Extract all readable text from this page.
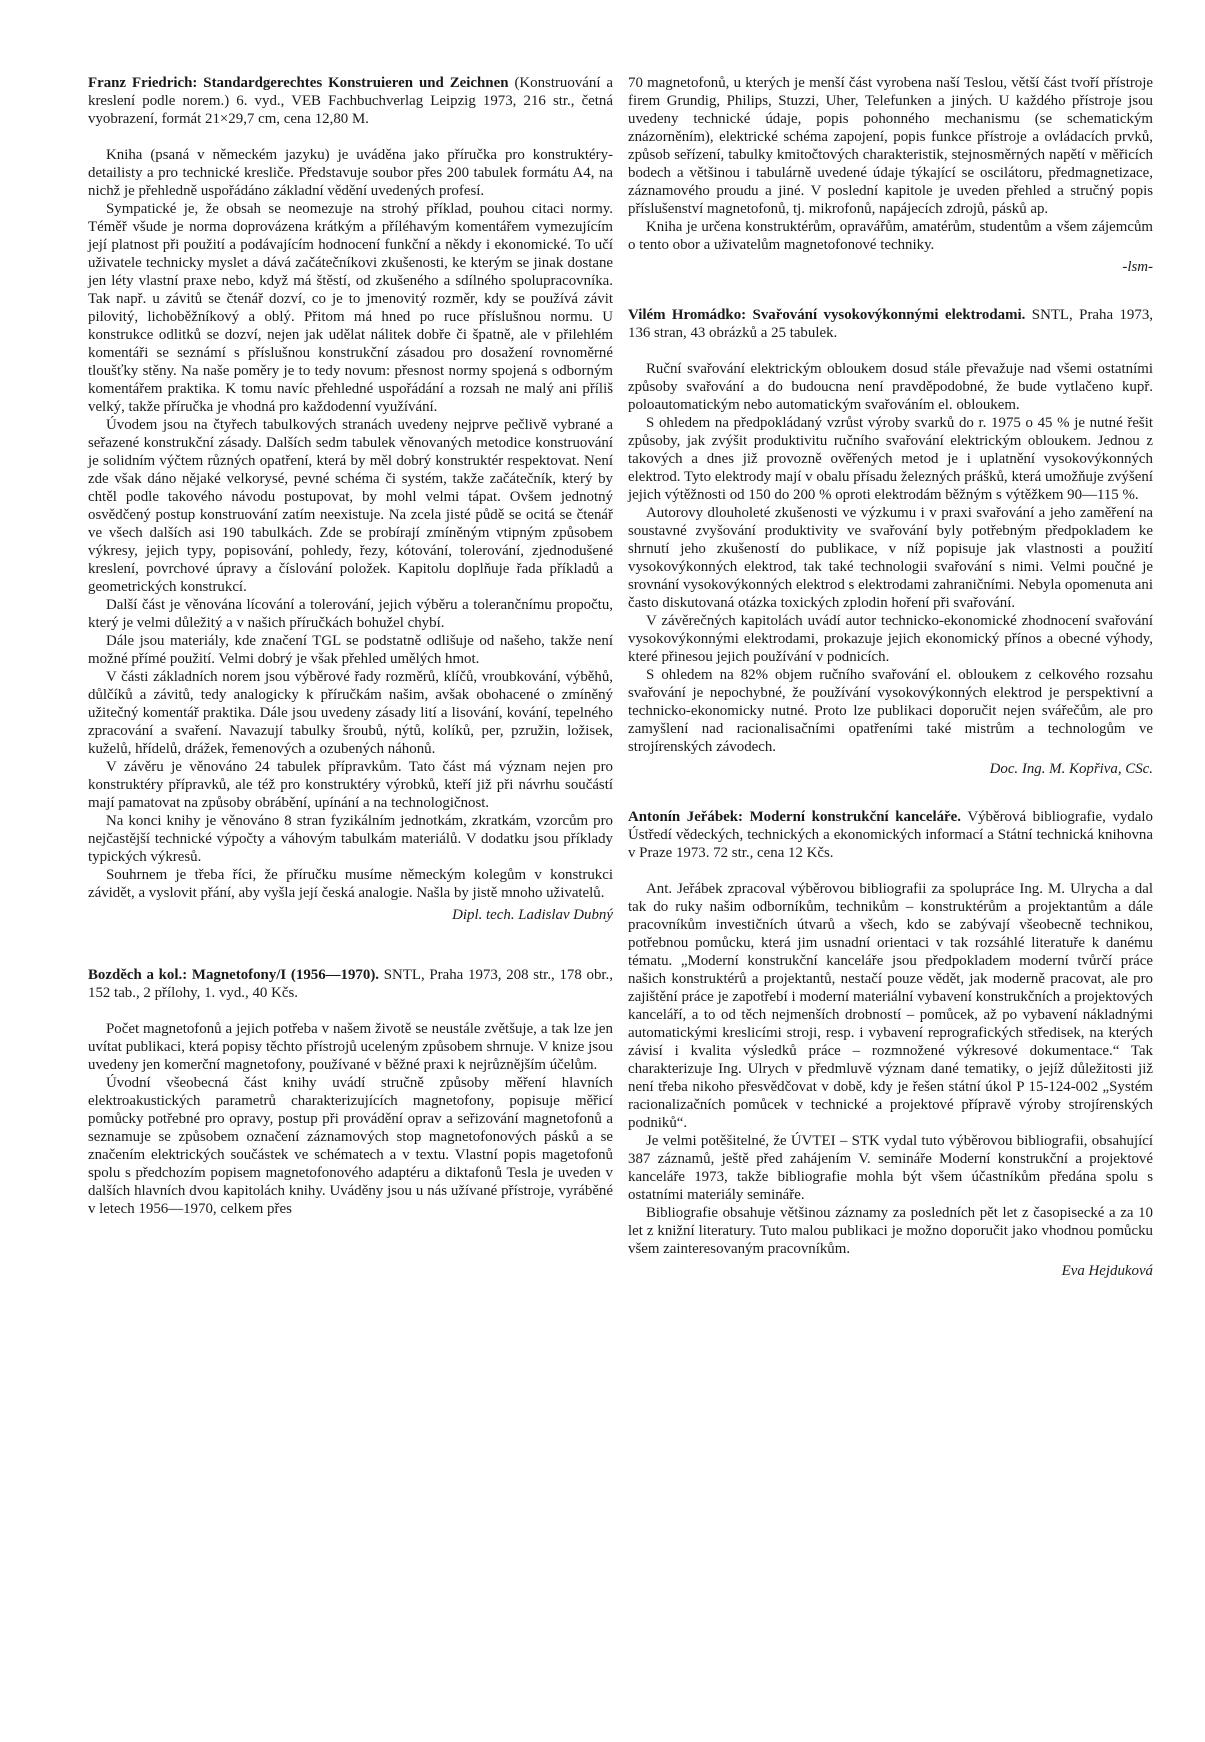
Franz Friedrich: Standardgerechtes Konstruieren und Zeichnen (Konstruování a kreslení podle norem.) 6. vyd., VEB Fachbuchverlag Leipzig 1973, 216 str., četná vyobrazení, formát 21×29,7 cm, cena 12,80 M.

Kniha (psaná v německém jazyku) je uváděna jako příručka pro konstruktéry-detailisty a pro technické kresliče. Představuje soubor přes 200 tabulek formátu A4, na nichž je přehledně uspořádáno základní vědění uvedených profesí.

Sympatické je, že obsah se neomezuje na strohý příklad, pouhou citaci normy. Téměř všude je norma doprovázena krátkým a příléhavým komentářem vymezujícím její platnost při použití a podávajícím hodnocení funkční a někdy i ekonomické. To učí uživatele technicky myslet a dává začátečníkovi zkušenosti, ke kterým se jinak dostane jen léty vlastní praxe nebo, když má štěstí, od zkušeného a sdílného spolupracovníka. Tak např. u závitů se čtenář dozví, co je to jmenovitý rozměr, kdy se používá závit pilovitý, lichoběžníkový a oblý. Přitom má hned po ruce příslušnou normu. U konstrukce odlitků se dozví, nejen jak udělat nálitek dobře či špatně, ale v přilehlém komentáři se seznámí s příslušnou konstrukční zásadou pro dosažení rovnoměrné tloušťky stěny. Na naše poměry je to tedy novum: přesnost normy spojená s odborným komentářem praktika. K tomu navíc přehledné uspořádání a rozsah ne malý ani příliš velký, takže příručka je vhodná pro každodenní využívání.

Úvodem jsou na čtyřech tabulkových stranách uvedeny nejprve pečlivě vybrané a seřazené konstrukční zásady. Dalších sedm tabulek věnovaných metodice konstruování je solidním výčtem různých opatření, která by měl dobrý konstruktér respektovat. Není zde však dáno nějaké velkorysé, pevné schéma či systém, takže začátečník, který by chtěl podle takového návodu postupovat, by mohl velmi tápat. Ovšem jednotný osvědčený postup konstruování zatím neexistuje. Na zcela jisté půdě se ocitá se čtenář ve všech dalších asi 190 tabulkách. Zde se probírají zmíněným vtipným způsobem výkresy, jejich typy, popisování, pohledy, řezy, kótování, tolerování, zjednodušené kreslení, povrchové úpravy a číslování položek. Kapitolu doplňuje řada příkladů a geometrických konstrukcí.

Další část je věnována lícování a tolerování, jejich výběru a tolerančnímu propočtu, který je velmi důležitý a v našich příručkách bohužel chybí.

Dále jsou materiály, kde značení TGL se podstatně odlišuje od našeho, takže není možné přímé použití. Velmi dobrý je však přehled umělých hmot.

V části základních norem jsou výběrové řady rozměrů, klíčů, vroubkování, výběhů, důlčíků a závitů, tedy analogicky k příručkám našim, avšak obohacené o zmíněný užitečný komentář praktika. Dále jsou uvedeny zásady lití a lisování, kování, tepelného zpracování a svaření. Navazují tabulky šroubů, nýtů, kolíků, per, pzružin, ložisek, kuželů, hřídelů, drážek, řemenových a ozubených náhonů.

V závěru je věnováno 24 tabulek přípravkům. Tato část má význam nejen pro konstruktéry přípravků, ale též pro konstruktéry výrobků, kteří již při návrhu součástí mají pamatovat na způsoby obrábění, upínání a na technologičnost.

Na konci knihy je věnováno 8 stran fyzikálním jednotkám, zkratkám, vzorcům pro nejčastější technické výpočty a váhovým tabulkám materiálů. V dodatku jsou příklady typických výkresů.

Souhrnem je třeba říci, že příručku musíme německým kolegům v konstrukci závidět, a vyslovit přání, aby vyšla její česká analogie. Našla by jistě mnoho uživatelů.

Dipl. tech. Ladislav Dubný

Bozděch a kol.: Magnetofony/I (1956—1970). SNTL, Praha 1973, 208 str., 178 obr., 152 tab., 2 přílohy, 1. vyd., 40 Kčs.

Počet magnetofonů a jejich potřeba v našem životě se neustále zvětšuje, a tak lze jen uvítat publikaci, která popisy těchto přístrojů uceleným způsobem shrnuje. V knize jsou uvedeny jen komerční magnetofony, používané v běžné praxi k nejrůznějším účelům.

Úvodní všeobecná část knihy uvádí stručně způsoby měření hlavních elektroakustických parametrů charakterizujících magnetofony, popisuje měřicí pomůcky potřebné pro opravy, postup při provádění oprav a seřizování magnetofonů a seznamuje se způsobem označení záznamových stop magnetofonových pásků a se značením elektrických součástek ve schématech a v textu. Vlastní popis magetofonů spolu s předchozím popisem magnetofonového adaptéru a diktafonů Tesla je uveden v dalších hlavních dvou kapitolách knihy. Uváděny jsou u nás užívané přístroje, vyráběné v letech 1956—1970, celkem přes

70 magnetofonů, u kterých je menší část vyrobena naší Teslou, větší část tvoří přístroje firem Grundig, Philips, Stuzzi, Uher, Telefunken a jiných. U každého přístroje jsou uvedeny technické údaje, popis pohonného mechanismu (se schematickým znázorněním), elektrické schéma zapojení, popis funkce přístroje a ovládacích prvků, způsob seřízení, tabulky kmitočtových charakteristik, stejnosměrných napětí v měřicích bodech a většinou i tabulárně uvedené údaje týkající se oscilátoru, předmagnetizace, záznamového proudu a jiné. V poslední kapitole je uveden přehled a stručný popis příslušenství magnetofonů, tj. mikrofonů, napájecích zdrojů, pásků ap.

Kniha je určena konstruktérům, opravářům, amatérům, studentům a všem zájemcům o tento obor a uživatelům magnetofonové techniky.

-lsm-

Vilém Hromádko: Svařování vysokovýkonnými elektrodami. SNTL, Praha 1973, 136 stran, 43 obrázků a 25 tabulek.

Ruční svařování elektrickým obloukem dosud stále převažuje nad všemi ostatními způsoby svařování a do budoucna není pravděpodobné, že bude vytlačeno kupř. poloautomatickým nebo automatickým svařováním el. obloukem.

S ohledem na předpokládaný vzrůst výroby svarků do r. 1975 o 45 % je nutné řešit způsoby, jak zvýšit produktivitu ručního svařování elektrickým obloukem. Jednou z takových a dnes již provozně ověřených metod je i uplatnění vysokovýkonných elektrod. Tyto elektrody mají v obalu přísadu železných prášků, která umožňuje zvýšení jejich výtěžnosti od 150 do 200 % oproti elektrodám běžným s výtěžkem 90—115 %.

Autorovy dlouholeté zkušenosti ve výzkumu i v praxi svařování a jeho zaměření na soustavné zvyšování produktivity ve svařování byly potřebným předpokladem ke shrnutí jeho zkušeností do publikace, v níž popisuje jak vlastnosti a použití vysokovýkonných elektrod, tak také technologii svařování s nimi. Velmi poučné je srovnání vysokovýkonných elektrod s elektrodami zahraničními. Nebyla opomenuta ani často diskutovaná otázka toxických zplodin hoření při svařování.

V závěrečných kapitolách uvádí autor technicko-ekonomické zhodnocení svařování vysokovýkonnými elektrodami, prokazuje jejich ekonomický přínos a obecné výhody, které přinesou jejich používání v podnicích.

S ohledem na 82% objem ručního svařování el. obloukem z celkového rozsahu svařování je nepochybné, že používání vysokovýkonných elektrod je perspektivní a technicko-ekonomicky nutné. Proto lze publikaci doporučit nejen svářečům, ale pro zamyšlení nad racionalisačními opatřeními také mistrům a technologům ve strojírenských závodech.

Doc. Ing. M. Kopřiva, CSc.

Antonín Jeřábek: Moderní konstrukční kanceláře. Výběrová bibliografie, vydalo Ústředí vědeckých, technických a ekonomických informací a Státní technická knihovna v Praze 1973. 72 str., cena 12 Kčs.

Ant. Jeřábek zpracoval výběrovou bibliografii za spolupráce Ing. M. Ulrycha a dal tak do ruky našim odborníkům, technikům – konstruktérům a projektantům a dále pracovníkům investičních útvarů a všech, kdo se zabývají všeobecně technikou, potřebnou pomůcku, která jim usnadní orientaci v tak rozsáhlé literatuře k danému tématu. „Moderní konstrukční kanceláře jsou předpokladem moderní tvůrčí práce našich konstruktérů a projektantů, nestačí pouze vědět, jak moderně pracovat, ale pro zajištění práce je zapotřebí i moderní materiální vybavení konstrukčních a projektových kanceláří, a to od těch nejmenších drobností – pomůcek, až po vybavení nákladnými automatickými kreslicími stroji, resp. i vybavení reprografických středisek, na kterých závisí i kvalita výsledků práce – rozmnožené výkresové dokumentace.“ Tak charakterizuje Ing. Ulrych v předmluvě význam dané tematiky, o jejíž důležitosti již není třeba nikoho přesvědčovat v době, kdy je řešen státní úkol P 15-124-002 „Systém racionalizačních pomůcek v technické a projektové přípravě výroby strojírenských podniků“.

Je velmi potěšitelné, že ÚVTEI – STK vydal tuto výběrovou bibliografii, obsahující 387 záznamů, ještě před zahájením V. semináře Moderní konstrukční a projektové kanceláře 1973, takže bibliografie mohla být všem účastníkům předána spolu s ostatními materiály semináře.

Bibliografie obsahuje většinou záznamy za posledních pět let z časopisecké a za 10 let z knižní literatury. Tuto malou publikaci je možno doporučit jako vhodnou pomůcku všem zainteresovaným pracovníkům.

Eva Hejduková
